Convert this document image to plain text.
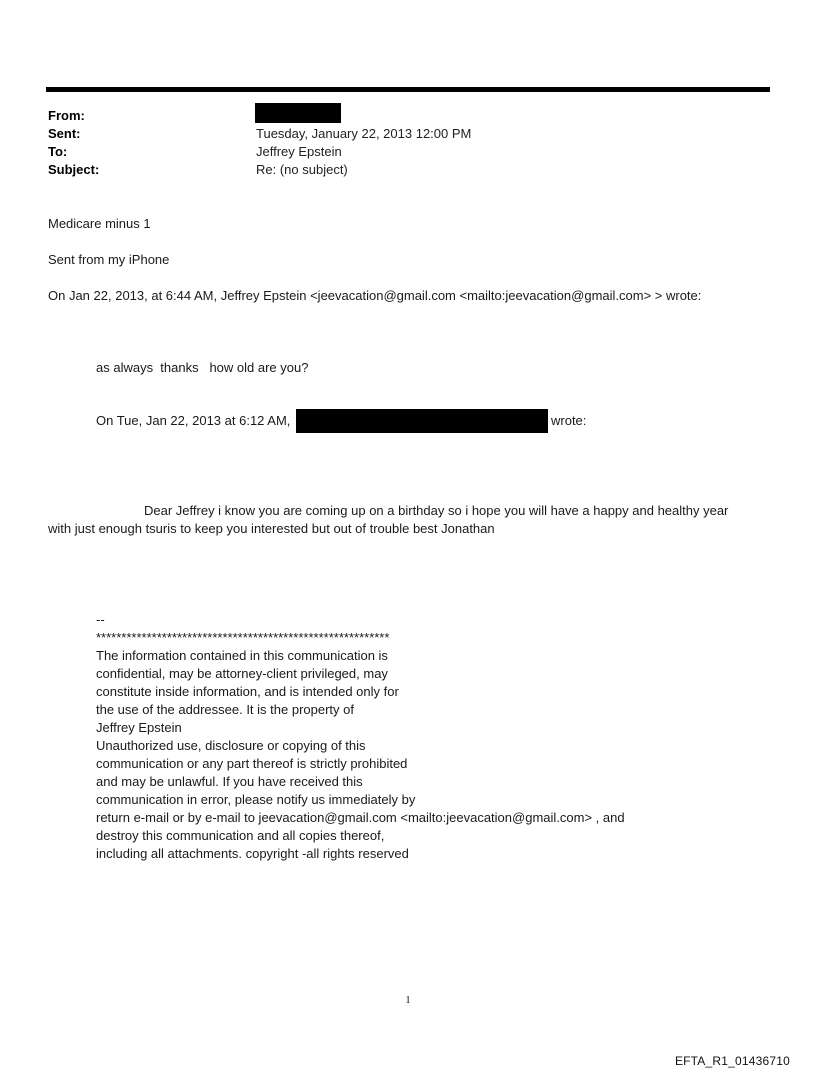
From:
Sent:	Tuesday, January 22, 2013 12:00 PM
To:	Jeffrey Epstein
Subject:	Re: (no subject)
Medicare minus 1
Sent from my iPhone
On Jan 22, 2013, at 6:44 AM, Jeffrey Epstein <jeevacation@gmail.com <mailto:jeevacation@gmail.com> > wrote:
as always  thanks   how old are you?
On Tue, Jan 22, 2013 at 6:12 AM,	wrote:
Dear Jeffrey i know you are coming up on a birthday so i hope you will have a happy and healthy year
with just enough tsuris to keep you interested but out of trouble best Jonathan
--
**********************************************************
The information contained in this communication is
confidential, may be attorney-client privileged, may
constitute inside information, and is intended only for
the use of the addressee. It is the property of
Jeffrey Epstein
Unauthorized use, disclosure or copying of this
communication or any part thereof is strictly prohibited
and may be unlawful. If you have received this
communication in error, please notify us immediately by
return e-mail or by e-mail to jeevacation@gmail.com <mailto:jeevacation@gmail.com> , and
destroy this communication and all copies thereof,
including all attachments. copyright -all rights reserved
1
EFTA_R1_01436710
